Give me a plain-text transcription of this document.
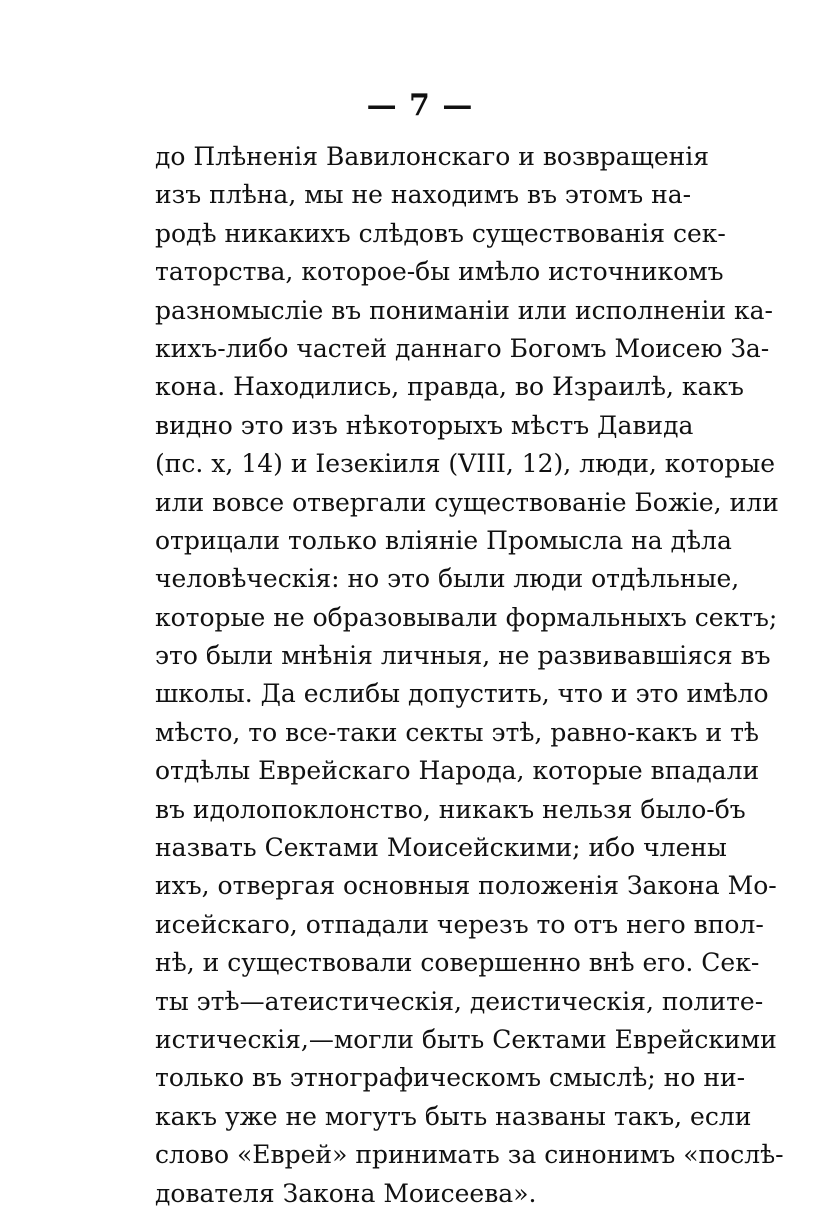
— 7 —
до Плѣненія Вавилонскаго и возвращенія
изъ плѣна, мы не находимъ въ этомъ на-
родѣ никакихъ слѣдовъ существованія сек-
таторства, которое-бы имѣло источникомъ
разномысліе въ пониманіи или исполненіи ка-
кихъ-либо частей даннаго Богомъ Моисею За-
кона. Находились, правда, во Израилѣ, какъ
видно это изъ нѣкоторыхъ мѣстъ Давида
(пс. x, 14) и Iезекіиля (VIII, 12), люди, которые
или вовсе отвергали существованіе Божіе, или
отрицали только вліяніе Промысла на дѣла
человѣческія: но это были люди отдѣльные,
которые не образовывали формальныхъ сектъ;
это были мнѣнія личныя, не развивавшіяся въ
школы. Да еслибы допустить, что и это имѣло
мѣсто, то все-таки секты этѣ, равно-какъ и тѣ
отдѣлы Еврейскаго Народа, которые впадали
въ идолопоклонство, никакъ нельзя было-бъ
назвать Сектами Моисейскими; ибо члены
ихъ, отвергая основныя положенія Закона Мо-
исейскаго, отпадали черезъ то отъ него впол-
нѣ, и существовали совершенно внѣ его. Сек-
ты этѣ—атеистическія, деистическія, полите-
истическія,—могли быть Сектами Еврейскими
только въ этнографическомъ смыслѣ; но ни-
какъ уже не могутъ быть названы такъ, если
слово «Еврей» принимать за синонимъ «послѣ-
дователя Закона Моисеева».
